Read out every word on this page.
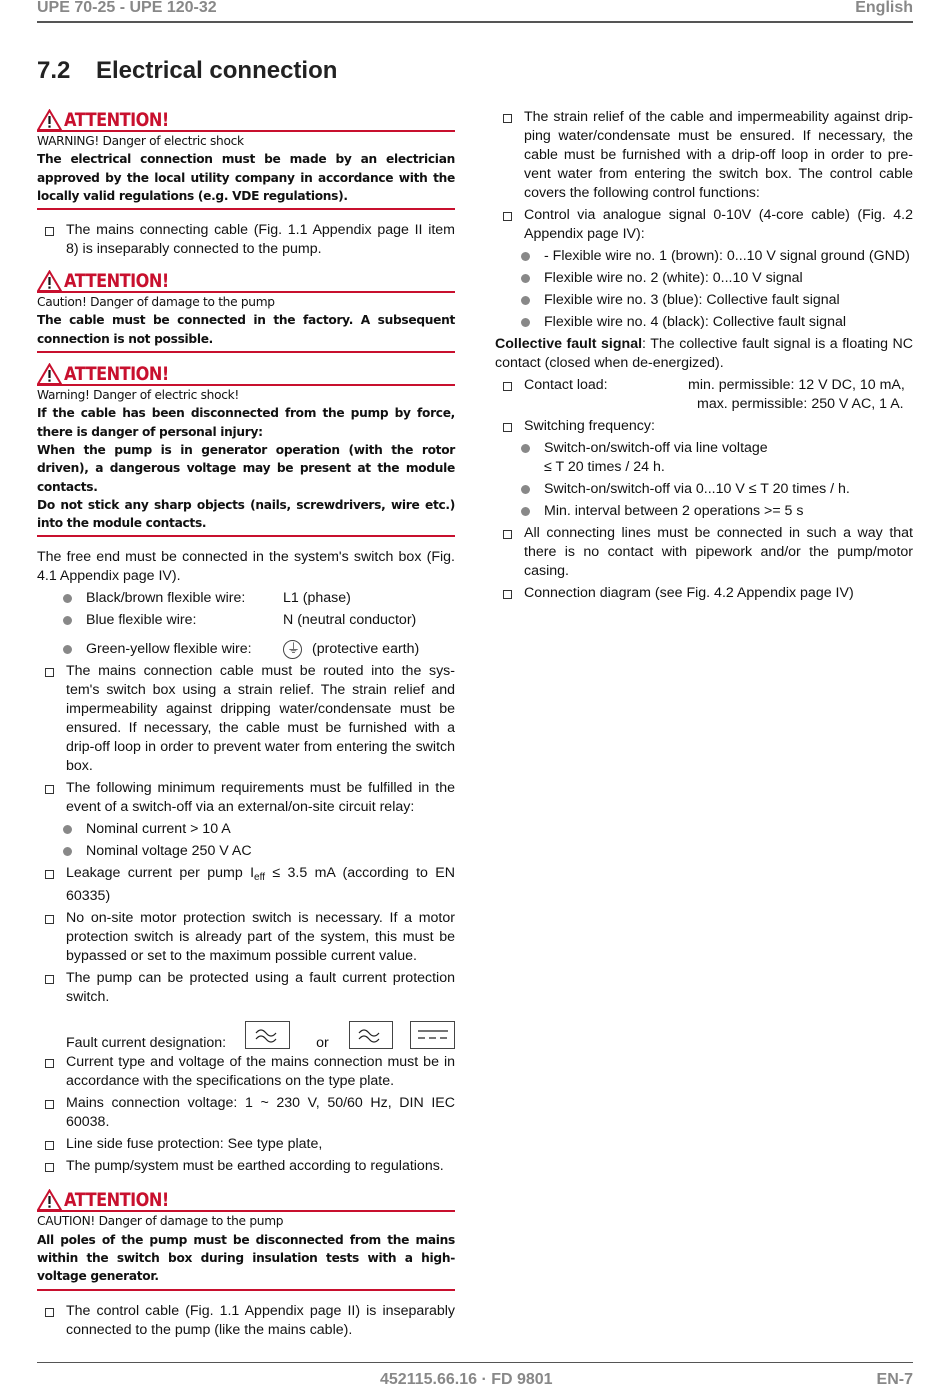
UPE 70-25 - UPE 120-32	English
7.2 Electrical connection
ATTENTION!
WARNING! Danger of electric shock
The electrical connection must be made by an electrician approved by the local utility company in accordance with the locally valid regulations (e.g. VDE regulations).
The mains connecting cable (Fig. 1.1 Appendix page II item 8) is inseparably connected to the pump.
ATTENTION!
Caution! Danger of damage to the pump
The cable must be connected in the factory. A subsequent connection is not possible.
ATTENTION!
Warning! Danger of electric shock!
If the cable has been disconnected from the pump by force, there is danger of personal injury:
When the pump is in generator operation (with the rotor driven), a dangerous voltage may be present at the module contacts.
Do not stick any sharp objects (nails, screwdrivers, wire etc.) into the module contacts.
The free end must be connected in the system's switch box (Fig. 4.1 Appendix page IV).
Black/brown flexible wire:	L1 (phase)
Blue flexible wire:	N (neutral conductor)
Green-yellow flexible wire:
⏚	(protective earth)
The mains connection cable must be routed into the sys-tem's switch box using a strain relief. The strain relief and impermeability against dripping water/condensate must be ensured. If necessary, the cable must be furnished with a drip-off loop in order to prevent water from entering the switch box.
The following minimum requirements must be fulfilled in the event of a switch-off via an external/on-site circuit relay:
Nominal current > 10 A
Nominal voltage 250 V AC
Leakage current per pump $I_{eff} \le 3.5$ mA (according to EN 60335)
No on-site motor protection switch is necessary. If a motor protection switch is already part of the system, this must be bypassed or set to the maximum possible current value.
The pump can be protected using a fault current protection switch.
Fault current designation:	or
Current type and voltage of the mains connection must be in accordance with the specifications on the type plate.
Mains connection voltage: 1 ~ 230 V, 50/60 Hz, DIN IEC 60038.
Line side fuse protection: See type plate,
The pump/system must be earthed according to regulations.
ATTENTION!
CAUTION! Danger of damage to the pump
All poles of the pump must be disconnected from the mains within the switch box during insulation tests with a high-voltage generator.
The control cable (Fig. 1.1 Appendix page II) is inseparably connected to the pump (like the mains cable).
The strain relief of the cable and impermeability against drip-ping water/condensate must be ensured. If necessary, the cable must be furnished with a drip-off loop in order to pre-vent water from entering the switch box. The control cable covers the following control functions:
Control via analogue signal 0-10V (4-core cable) (Fig. 4.2 Appendix page IV):
- Flexible wire no. 1 (brown): 0...10 V signal ground (GND)
Flexible wire no. 2 (white): 0...10 V signal
Flexible wire no. 3 (blue): Collective fault signal
Flexible wire no. 4 (black): Collective fault signal
Collective fault signal: The collective fault signal is a floating NC contact (closed when de-energized).
Contact load:	min. permissible: 12 V DC, 10 mA,
max. permissible: 250 V AC, 1 A.
Switching frequency:
Switch-on/switch-off via line voltage
≤ T 20 times / 24 h.
Switch-on/switch-off via 0...10 V ≤ T 20 times / h.
Min. interval between 2 operations >= 5 s
All connecting lines must be connected in such a way that there is no contact with pipework and/or the pump/motor casing.
Connection diagram (see Fig. 4.2 Appendix page IV)
452115.66.16 · FD 9801	EN-7
